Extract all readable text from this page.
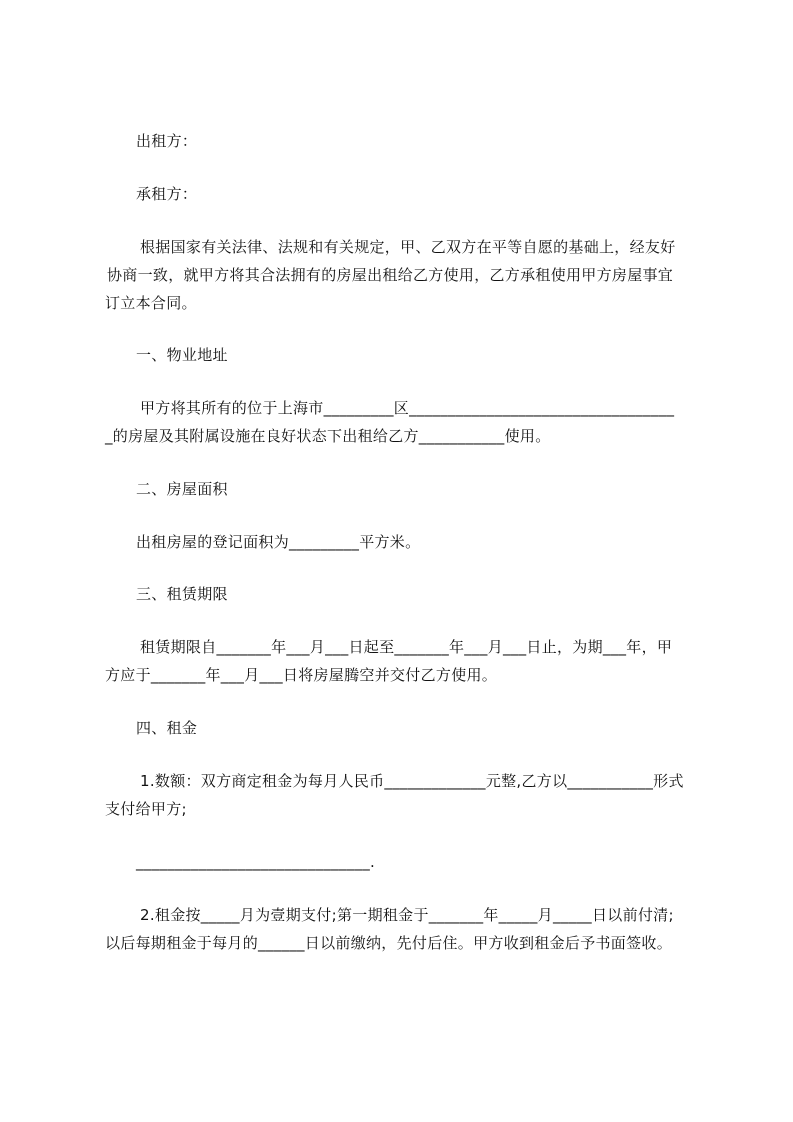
出租方：
承租方：
根据国家有关法律、法规和有关规定，甲、乙双方在平等自愿的基础上，经友好
协商一致，就甲方将其合法拥有的房屋出租给乙方使用，乙方承租使用甲方房屋事宜
订立本合同。
一、物业地址
甲方将其所有的位于上海市_________区__________________________________
_的房屋及其附属设施在良好状态下出租给乙方___________使用。
二、房屋面积
出租房屋的登记面积为_________平方米。
三、租赁期限
租赁期限自_______年___月___日起至_______年___月___日止，为期___年，甲
方应于_______年___月___日将房屋腾空并交付乙方使用。
四、租金
1.数额：双方商定租金为每月人民币_____________元整,乙方以___________形式
支付给甲方;
______________________________.
2.租金按_____月为壹期支付;第一期租金于_______年_____月_____日以前付清;
以后每期租金于每月的______日以前缴纳，先付后住。甲方收到租金后予书面签收。
